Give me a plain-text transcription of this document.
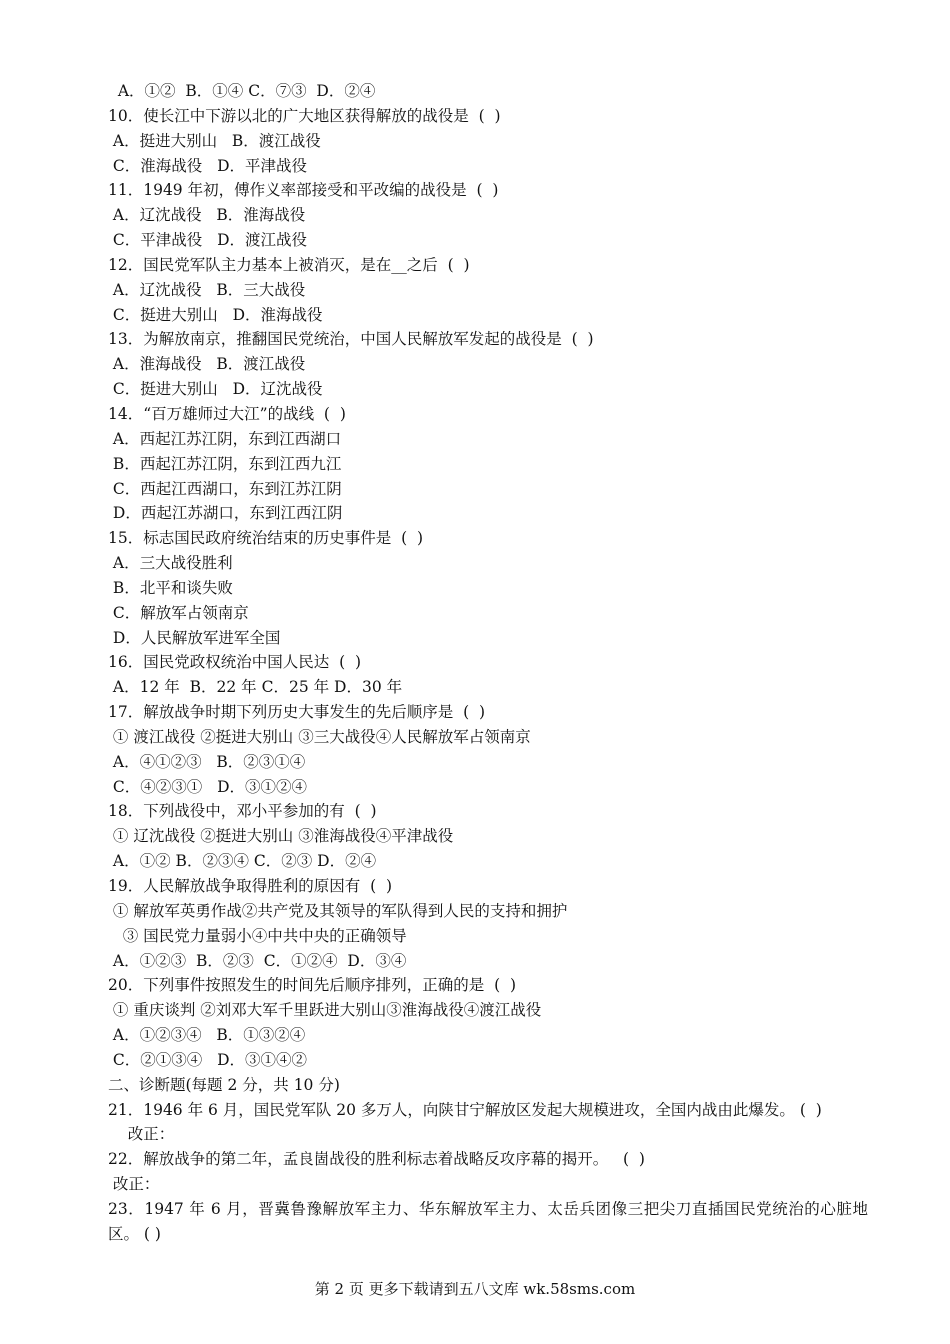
A．①②  B．①④ C．⑦③  D．②④
10．使长江中下游以北的广大地区获得解放的战役是  (  )
A．挺进大别山   B．渡江战役
C．淮海战役   D．平津战役
11．1949 年初，傅作义率部接受和平改编的战役是  (  )
A．辽沈战役   B．淮海战役
C．平津战役   D．渡江战役
12．国民党军队主力基本上被消灭，是在__之后  (  )
A．辽沈战役   B．三大战役
C．挺进大别山   D．淮海战役
13．为解放南京，推翻国民党统治，中国人民解放军发起的战役是  (  )
A．淮海战役   B．渡江战役
C．挺进大别山   D．辽沈战役
14．“百万雄师过大江”的战线  (  )
A．西起江苏江阴，东到江西湖口
B．西起江苏江阴，东到江西九江
C．西起江西湖口，东到江苏江阴
D．西起江苏湖口，东到江西江阴
15．标志国民政府统治结束的历史事件是  (  )
A．三大战役胜利
B．北平和谈失败
C．解放军占领南京
D．人民解放军进军全国
16．国民党政权统治中国人民达  (  )
A．12 年  B．22 年 C．25 年 D．30 年
17．解放战争时期下列历史大事发生的先后顺序是  (  )
① 渡江战役 ②挺进大别山 ③三大战役④人民解放军占领南京
A．④①②③   B．②③①④
C．④②③①   D．③①②④
18．下列战役中，邓小平参加的有  (  )
① 辽沈战役 ②挺进大别山 ③淮海战役④平津战役
A．①② B．②③④ C．②③ D．②④
19．人民解放战争取得胜利的原因有  (  )
① 解放军英勇作战②共产党及其领导的军队得到人民的支持和拥护
③ 国民党力量弱小④中共中央的正确领导
A．①②③  B．②③  C．①②④  D．③④
20．下列事件按照发生的时间先后顺序排列，正确的是  (  )
① 重庆谈判 ②刘邓大军千里跃进大别山③淮海战役④渡江战役
A．①②③④   B．①③②④
C．②①③④   D．③①④②
二、诊断题(每题 2 分，共 10 分)
21．1946 年 6 月，国民党军队 20 多万人，向陕甘宁解放区发起大规模进攻，全国内战由此爆发。 (  )
改正：
22．解放战争的第二年，孟良崮战役的胜利标志着战略反攻序幕的揭开。   (  )
改正：
23．1947 年 6 月，晋冀鲁豫解放军主力、华东解放军主力、太岳兵团像三把尖刀直插国民党统治的心脏地区。 ( )
第 2 页 更多下载请到五八文库 wk.58sms.com
